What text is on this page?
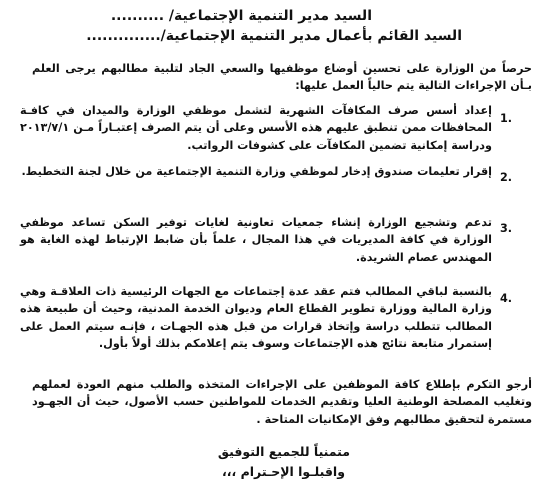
السيد مدير التنمية الإجتماعية/ ..........
السيد القائم بأعمال مدير التنمية الإجتماعية/..............
حرصاً من الوزارة على تحسين أوضاع موظفيها والسعي الجاد لتلبية مطالبهم يرجى العلم بـأن الإجراءات التالية يتم حالياً العمل عليها:
.1
إعداد أسس صرف المكافآت الشهرية لتشمل موظفي الوزارة والميدان في كافـة المحافظات ممن تنطبق عليهم هذه الأسس وعلى أن يتم الصرف إعتبـاراً مـن ٢٠١٣/٧/١ ودراسة إمكانية تضمين المكافآت على كشوفات الرواتب.
.2
إقرار تعليمات صندوق إدخار لموظفي وزارة التنمية الإجتماعية من خلال لجنة التخطيط.
.3
تدعم وتشجيع الوزارة إنشاء جمعيات تعاونية لغايات توفير السكن تساعد موظفي الوزارة في كافة المديريات في هذا المجال ، علماً بأن ضابط الإرتباط لهذه الغاية هو المهندس عصام الشريدة.
.4
بالنسبة لباقي المطالب فتم عقد عدة إجتماعات مع الجهات الرئيسية ذات العلاقـة وهي وزارة المالية ووزارة تطوير القطاع العام وديوان الخدمة المدنية، وحيث أن طبيعة هذه المطالب تتطلب دراسة وإتخاذ قرارات من قبل هذه الجهـات ، فإنـه سيتم العمل على إستمرار متابعة نتائج هذه الإجتماعات وسوف يتم إعلامكم بذلك أولاً بأول.
أرجو التكرم بإطلاع كافة الموظفين على الإجراءات المتخذه والطلب منهم العودة لعملهم وتغليب المصلحة الوطنية العليا وتقديم الخدمات للمواطنين حسب الأصول، حيث أن الجهـود مستمرة لتحقيق مطالبهم وفق الإمكانيات المتاحة .
متمنياً للجميع التوفيق
واقبلـوا الإحـترام ،،،
